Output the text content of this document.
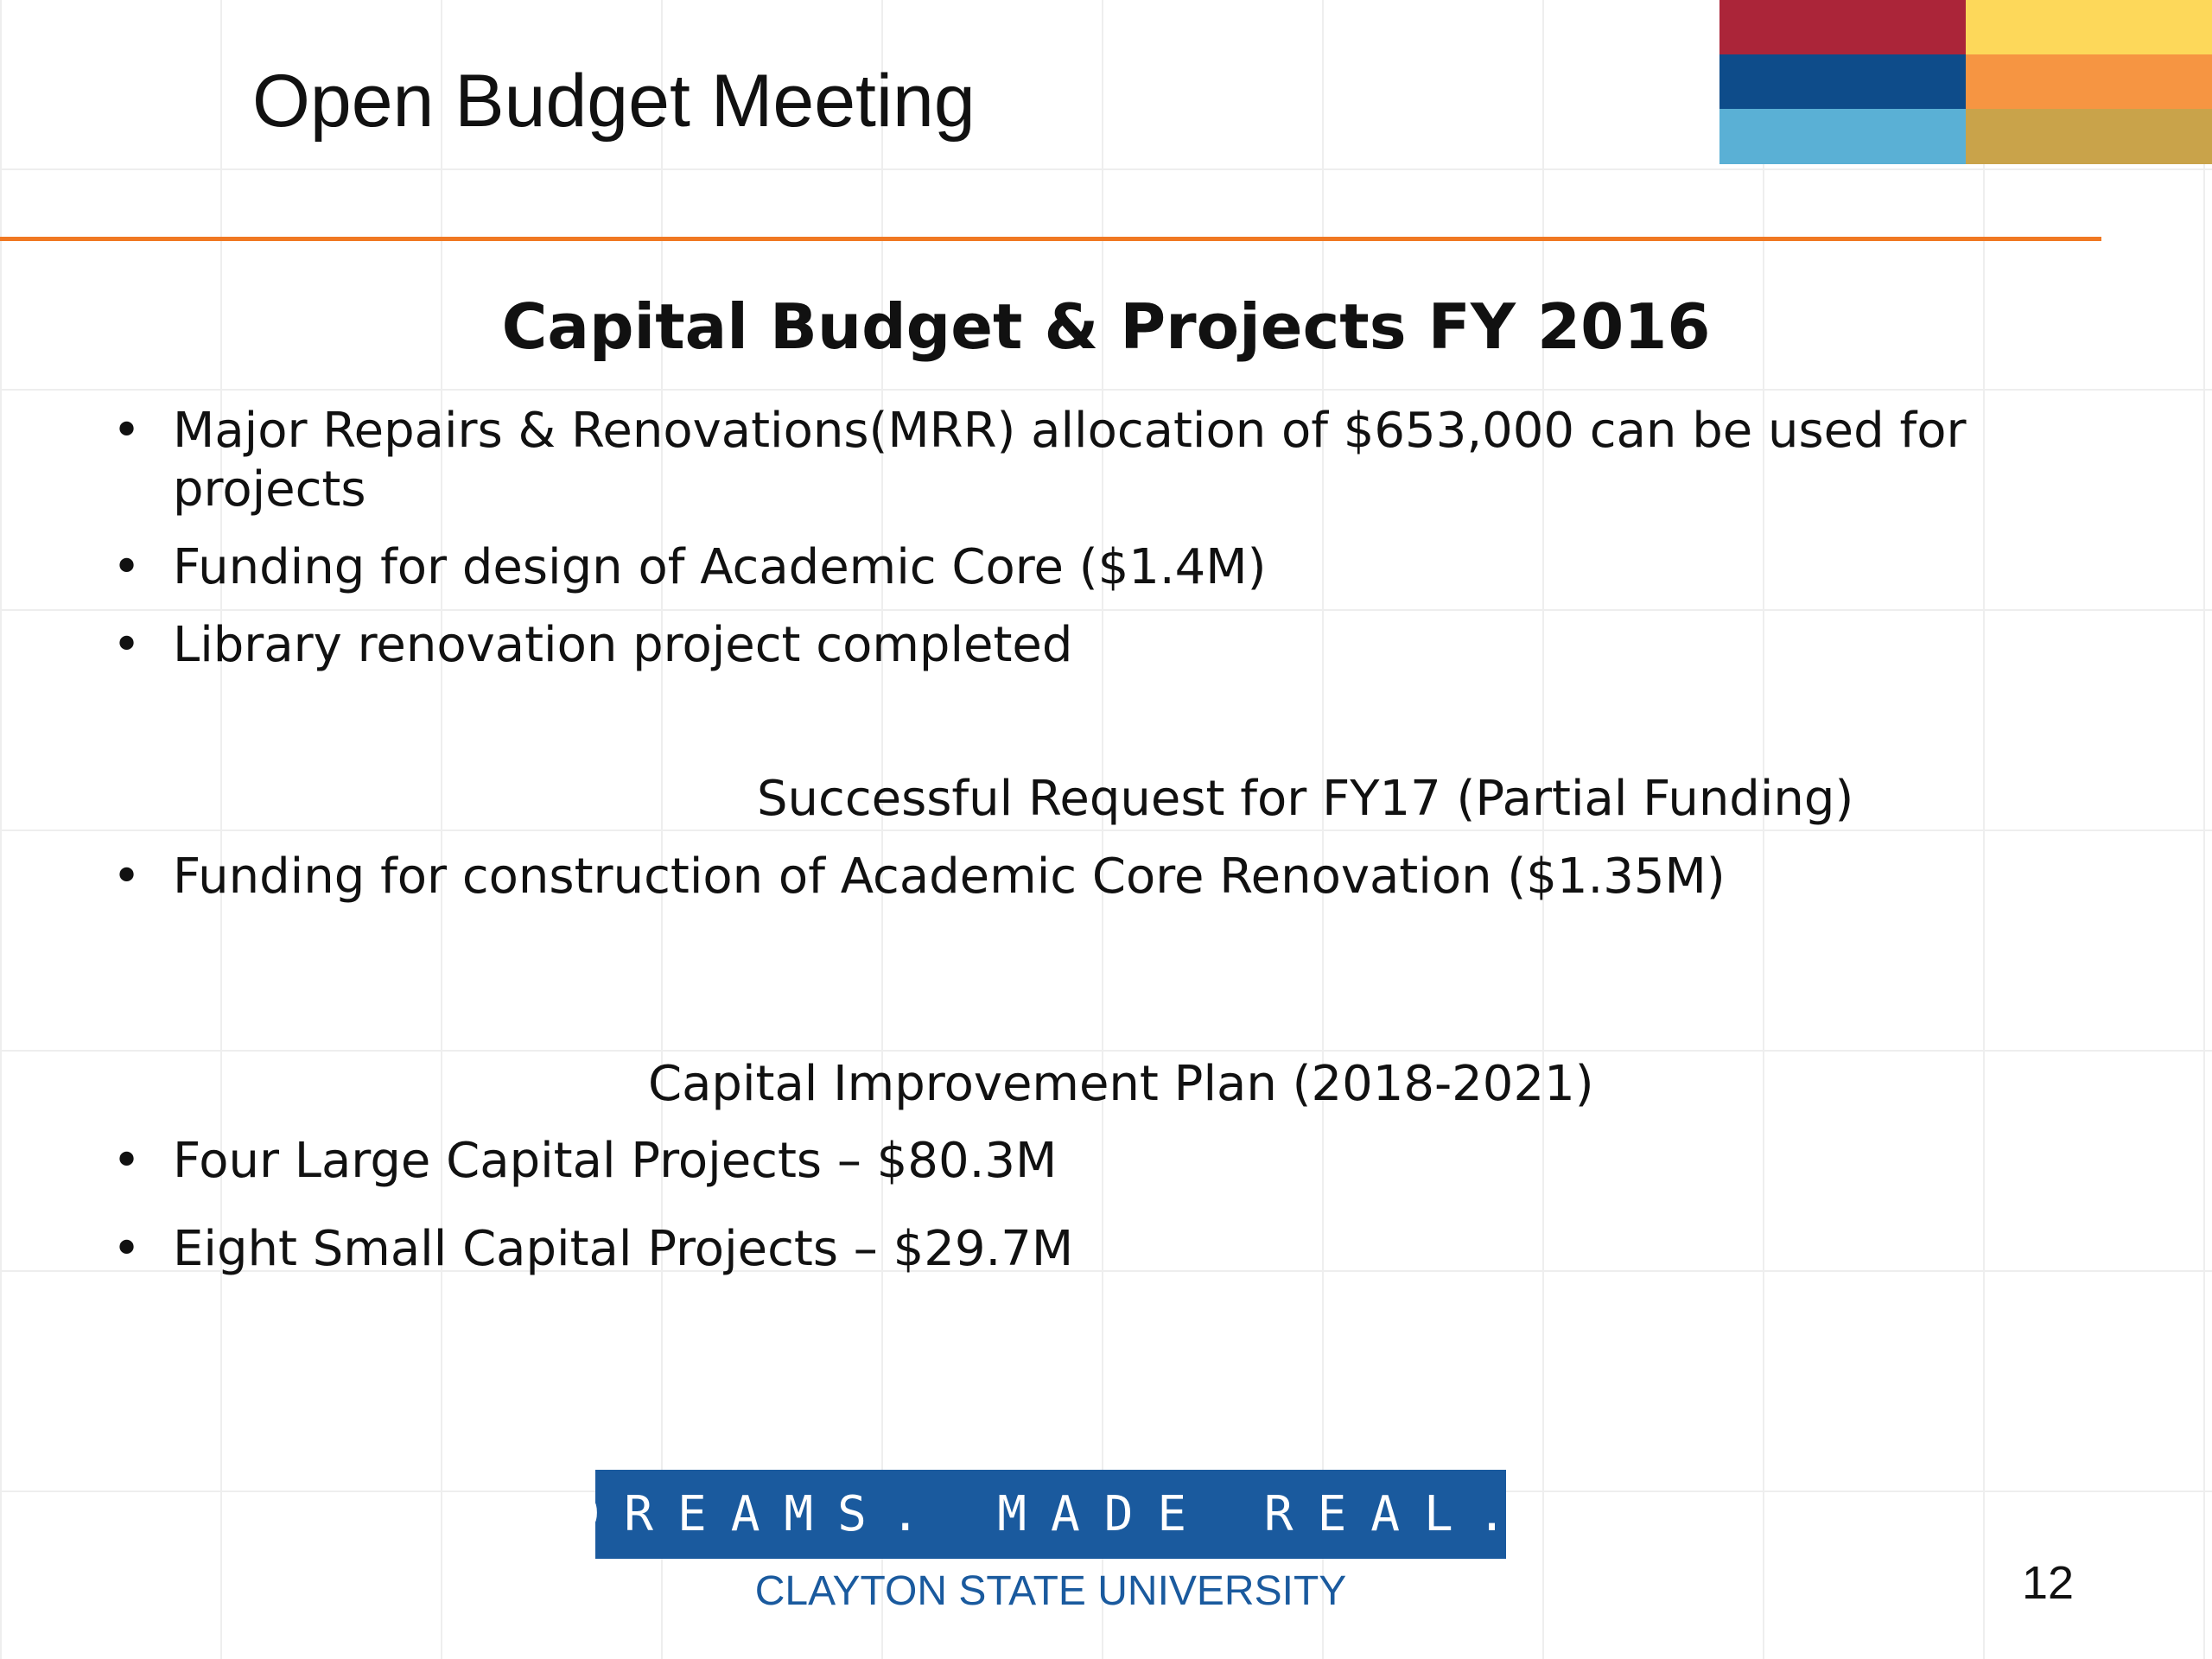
Open Budget Meeting
Capital Budget & Projects FY 2016
• Major Repairs & Renovations(MRR) allocation of $653,000 can be used for projects
• Funding for design of Academic Core ($1.4M)
• Library renovation project completed
Successful Request for FY17 (Partial Funding)
• Funding for construction of Academic Core Renovation ($1.35M)
Capital Improvement Plan (2018-2021)
• Four Large Capital Projects – $80.3M
• Eight Small Capital Projects – $29.7M
DREAMS. MADE REAL.
CLAYTON STATE UNIVERSITY	12
